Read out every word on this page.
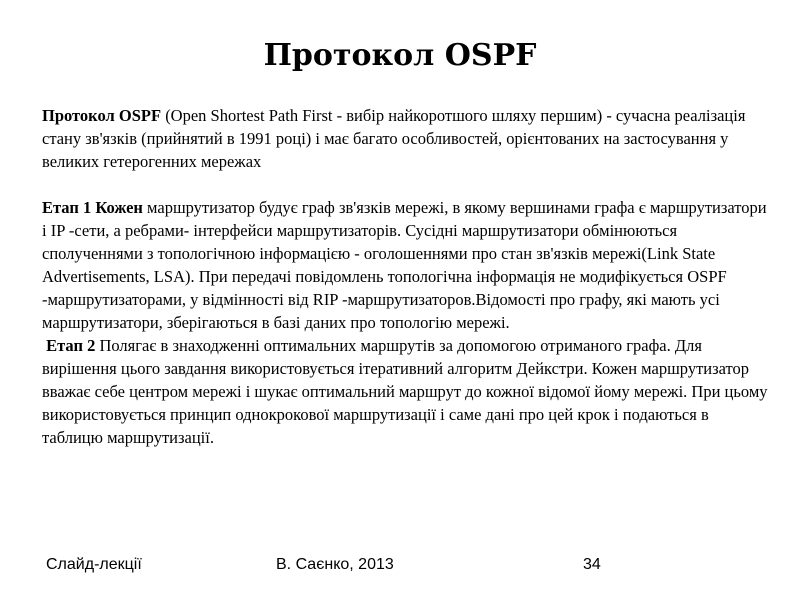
Протокол OSPF

Протокол OSPF (Open Shortest Path First - вибір найкоротшого шляху першим) - сучасна реалізація стану зв'язків (прийнятий в 1991 році) і має багато особливостей, орієнтованих на застосування у великих гетерогенних мережах

Етап 1 Кожен маршрутизатор будує граф зв'язків мережі, в якому вершинами графа є маршрутизатори і IP -сети, а ребрами- інтерфейси маршрутизаторів. Сусідні маршрутизатори обмінюються сполученнями з топологічною інформацією - оголошеннями про стан зв'язків мережі(Link State Advertisements, LSA). При передачі повідомлень топологічна інформація не модифікується OSPF -маршрутизаторами, у відмінності від RIP -маршрутизаторов.Відомості про графу, які мають усі маршрутизатори, зберігаються в базі даних про топологію мережі.

Етап 2 Полягає в знаходженні оптимальних маршрутів за допомогою отриманого графа. Для вирішення цього завдання використовується ітеративний алгоритм Дейкстри. Кожен маршрутизатор вважає себе центром мережі і шукає оптимальний маршрут до кожної відомої йому мережі. При цьому використовується принцип однокрокової маршрутизації і саме дані про цей крок і подаються в таблицю маршрутизації.

Слайд-лекції	В. Саєнко, 2013	34
